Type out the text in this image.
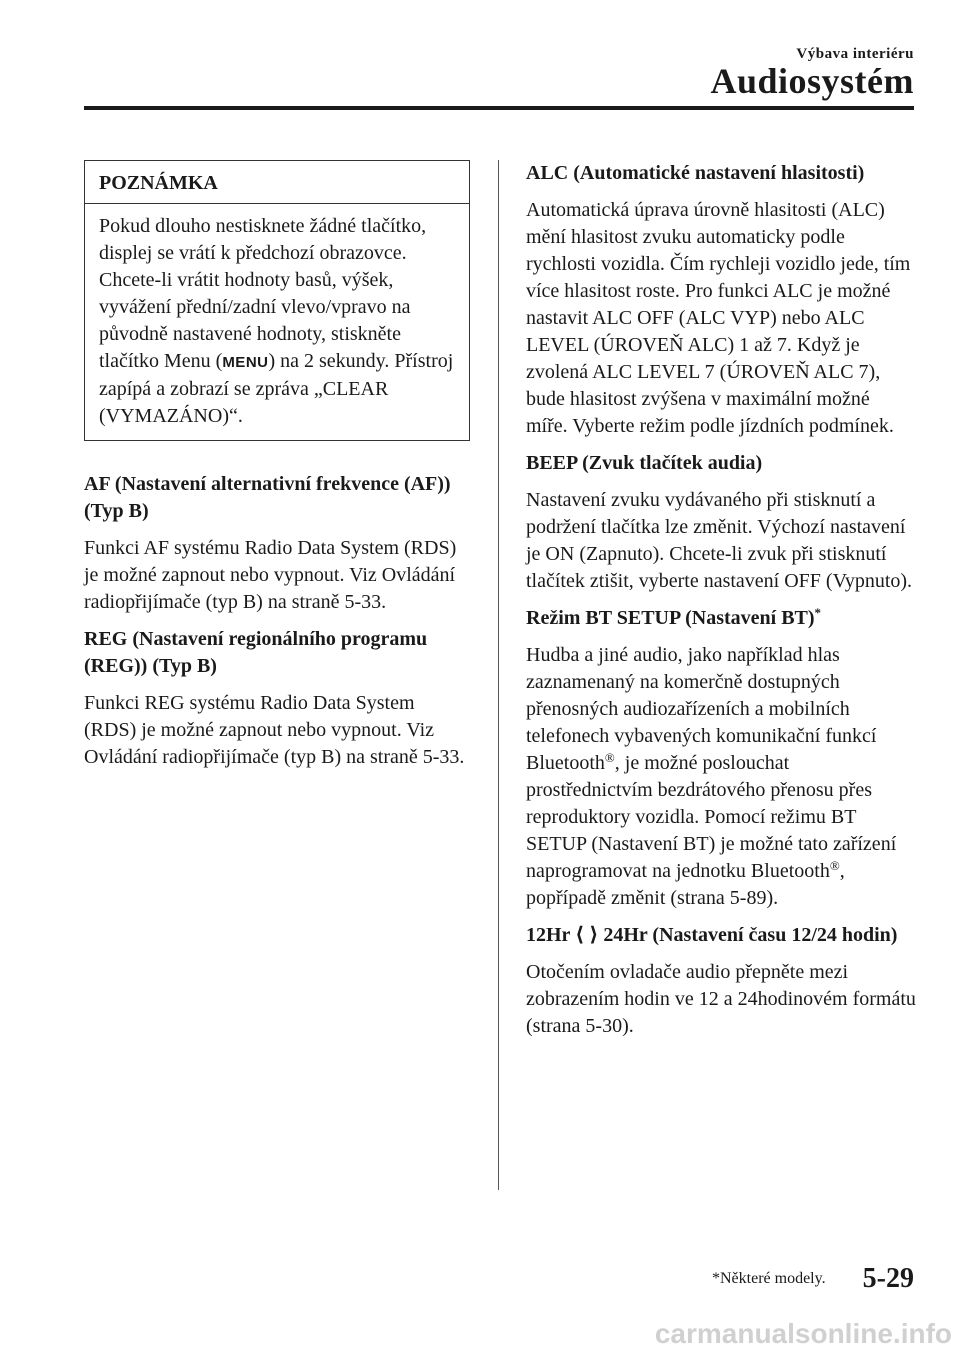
Výbava interiéru
Audiosystém
POZNÁMKA
Pokud dlouho nestisknete žádné tlačítko, displej se vrátí k předchozí obrazovce. Chcete-li vrátit hodnoty basů, výšek, vyvážení přední/zadní vlevo/vpravo na původně nastavené hodnoty, stiskněte tlačítko Menu (MENU) na 2 sekundy. Přístroj zapípá a zobrazí se zpráva „CLEAR (VYMAZÁNO)“.

AF (Nastavení alternativní frekvence (AF)) (Typ B)

Funkci AF systému Radio Data System (RDS) je možné zapnout nebo vypnout. Viz Ovládání radiopřijímače (typ B) na straně 5-33.

REG (Nastavení regionálního programu (REG)) (Typ B)

Funkci REG systému Radio Data System (RDS) je možné zapnout nebo vypnout. Viz Ovládání radiopřijímače (typ B) na straně 5-33.

ALC (Automatické nastavení hlasitosti)

Automatická úprava úrovně hlasitosti (ALC) mění hlasitost zvuku automaticky podle rychlosti vozidla. Čím rychleji vozidlo jede, tím více hlasitost roste. Pro funkci ALC je možné nastavit ALC OFF (ALC VYP) nebo ALC LEVEL (ÚROVEŇ ALC) 1 až 7. Když je zvolená ALC LEVEL 7 (ÚROVEŇ ALC 7), bude hlasitost zvýšena v maximální možné míře. Vyberte režim podle jízdních podmínek.

BEEP (Zvuk tlačítek audia)

Nastavení zvuku vydávaného při stisknutí a podržení tlačítka lze změnit. Výchozí nastavení je ON (Zapnuto). Chcete-li zvuk při stisknutí tlačítek ztišit, vyberte nastavení OFF (Vypnuto).

Režim BT SETUP (Nastavení BT)*

Hudba a jiné audio, jako například hlas zaznamenaný na komerčně dostupných přenosných audiozařízeních a mobilních telefonech vybavených komunikační funkcí Bluetooth®, je možné poslouchat prostřednictvím bezdrátového přenosu přes reproduktory vozidla. Pomocí režimu BT SETUP (Nastavení BT) je možné tato zařízení naprogramovat na jednotku Bluetooth®, popřípadě změnit (strana 5-89).

12Hr ⟨ ⟩ 24Hr (Nastavení času 12/24 hodin)

Otočením ovladače audio přepněte mezi zobrazením hodin ve 12 a 24hodinovém formátu (strana 5-30).

*Některé modely. 5-29
carmanualsonline.info
